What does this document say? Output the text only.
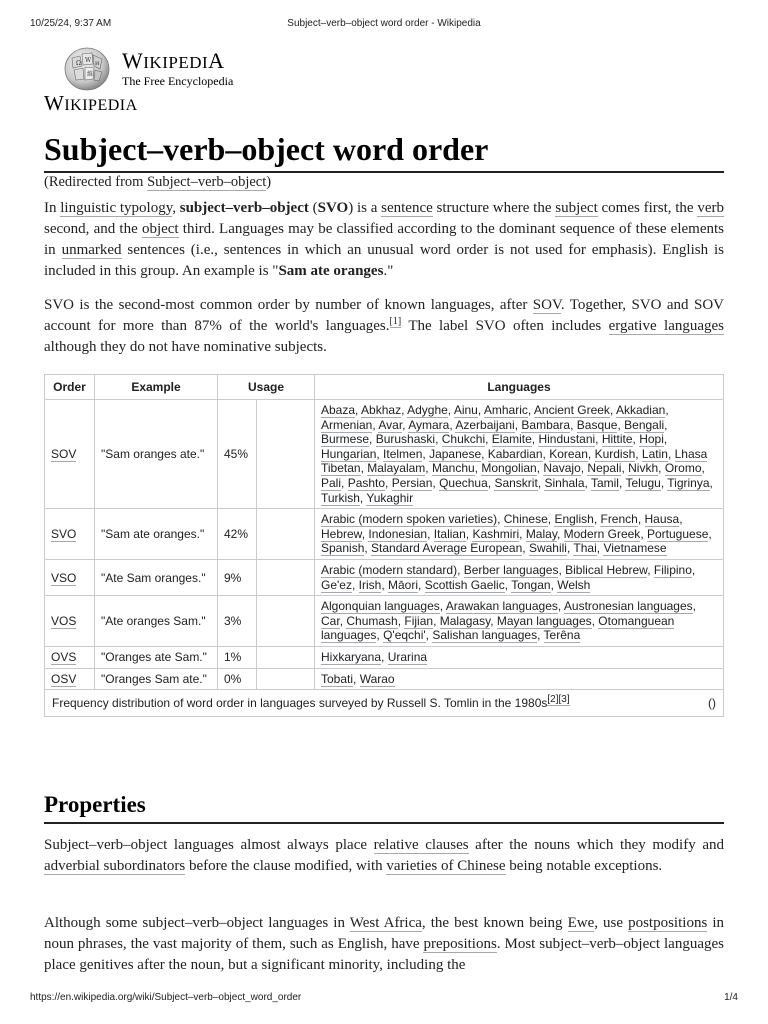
10/25/24, 9:37 AM	Subject–verb–object word order - Wikipedia
Ω W И
維
WIKIPEDIA
The Free Encyclopedia
WIKIPEDIA
Subject–verb–object word order
(Redirected from Subject–verb–object)

In linguistic typology, subject–verb–object (SVO) is a sentence structure where the subject comes first, the verb second, and the object third. Languages may be classified according to the dominant sequence of these elements in unmarked sentences (i.e., sentences in which an unusual word order is not used for emphasis). English is included in this group. An example is "Sam ate oranges."

SVO is the second-most common order by number of known languages, after SOV. Together, SVO and SOV account for more than 87% of the world's languages.[1] The label SVO often includes ergative languages although they do not have nominative subjects.

Order	Example	Usage		Languages
SOV	"Sam oranges ate."	45%		Abaza, Abkhaz, Adyghe, Ainu, Amharic, Ancient Greek, Akkadian, Armenian, Avar, Aymara, Azerbaijani, Bambara, Basque, Bengali, Burmese, Burushaski, Chukchi, Elamite, Hindustani, Hittite, Hopi, Hungarian, Itelmen, Japanese, Kabardian, Korean, Kurdish, Latin, Lhasa Tibetan, Malayalam, Manchu, Mongolian, Navajo, Nepali, Nivkh, Oromo, Pali, Pashto, Persian, Quechua, Sanskrit, Sinhala, Tamil, Telugu, Tigrinya, Turkish, Yukaghir
SVO	"Sam ate oranges."	42%		Arabic (modern spoken varieties), Chinese, English, French, Hausa, Hebrew, Indonesian, Italian, Kashmiri, Malay, Modern Greek, Portuguese, Spanish, Standard Average European, Swahili, Thai, Vietnamese
VSO	"Ate Sam oranges."	9%		Arabic (modern standard), Berber languages, Biblical Hebrew, Filipino, Ge'ez, Irish, Māori, Scottish Gaelic, Tongan, Welsh
VOS	"Ate oranges Sam."	3%		Algonquian languages, Arawakan languages, Austronesian languages, Car, Chumash, Fijian, Malagasy, Mayan languages, Otomanguean languages, Q'eqchi', Salishan languages, Terêna
OVS	"Oranges ate Sam."	1%		Hixkaryana, Urarina
OSV	"Oranges Sam ate."	0%		Tobati, Warao
Frequency distribution of word order in languages surveyed by Russell S. Tomlin in the 1980s[2][3] ()				
Properties

Subject–verb–object languages almost always place relative clauses after the nouns which they modify and adverbial subordinators before the clause modified, with varieties of Chinese being notable exceptions.

Although some subject–verb–object languages in West Africa, the best known being Ewe, use postpositions in noun phrases, the vast majority of them, such as English, have prepositions. Most subject–verb–object languages place genitives after the noun, but a significant minority, including the

https://en.wikipedia.org/wiki/Subject–verb–object_word_order	1/4
